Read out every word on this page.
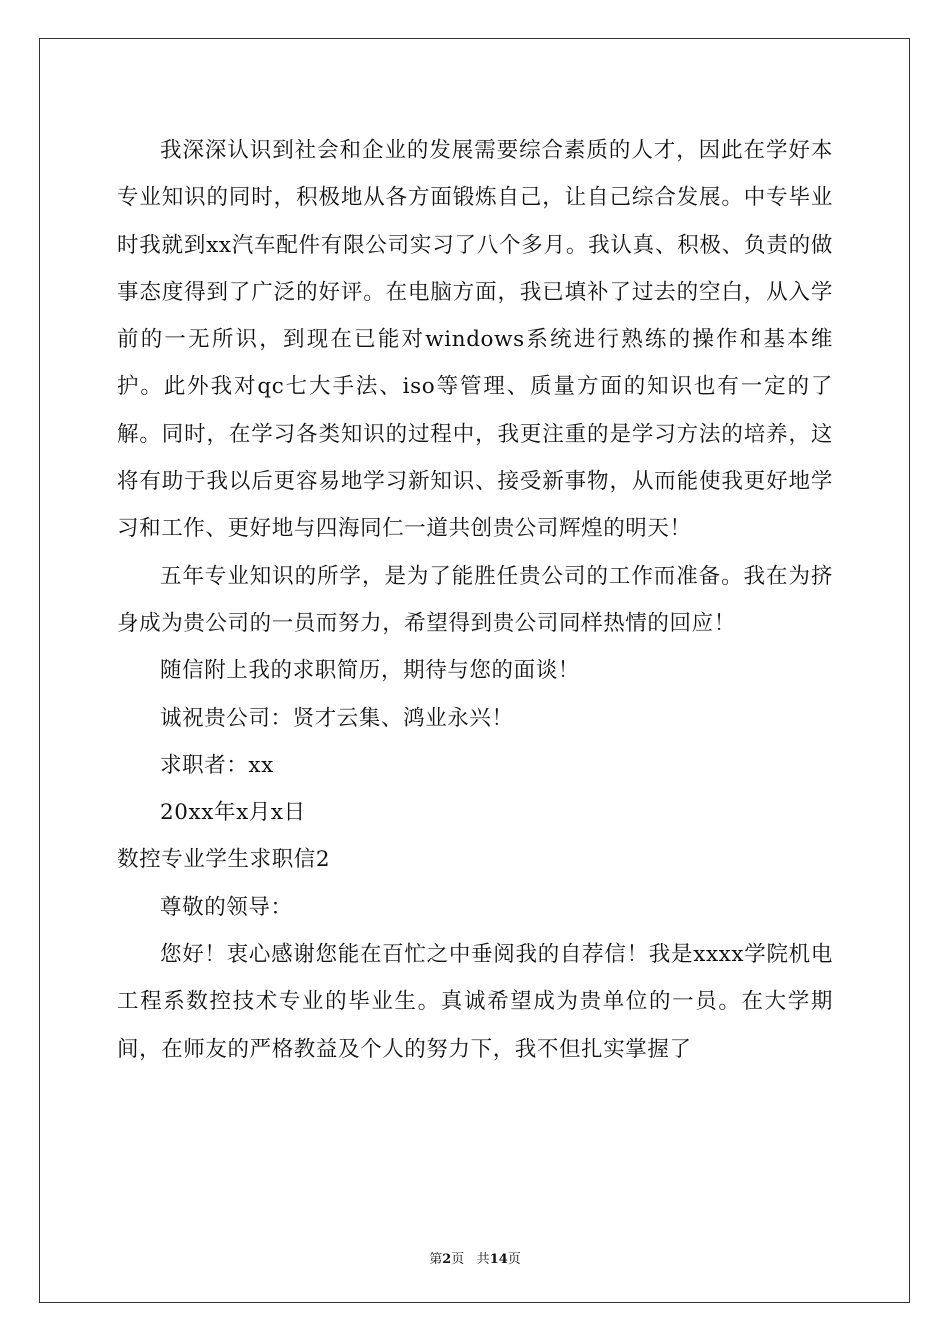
我深深认识到社会和企业的发展需要综合素质的人才，因此在学好本专业知识的同时，积极地从各方面锻炼自己，让自己综合发展。中专毕业时我就到xx汽车配件有限公司实习了八个多月。我认真、积极、负责的做事态度得到了广泛的好评。在电脑方面，我已填补了过去的空白，从入学前的一无所识，到现在已能对windows系统进行熟练的操作和基本维护。此外我对qc七大手法、iso等管理、质量方面的知识也有一定的了解。同时，在学习各类知识的过程中，我更注重的是学习方法的培养，这将有助于我以后更容易地学习新知识、接受新事物，从而能使我更好地学习和工作、更好地与四海同仁一道共创贵公司辉煌的明天！

五年专业知识的所学，是为了能胜任贵公司的工作而准备。我在为挤身成为贵公司的一员而努力，希望得到贵公司同样热情的回应！

随信附上我的求职简历，期待与您的面谈！

诚祝贵公司：贤才云集、鸿业永兴！

求职者：xx

20xx年x月x日

数控专业学生求职信2

尊敬的领导：

您好！衷心感谢您能在百忙之中垂阅我的自荐信！我是xxxx学院机电工程系数控技术专业的毕业生。真诚希望成为贵单位的一员。在大学期间，在师友的严格教益及个人的努力下，我不但扎实掌握了

第2页 共14页
